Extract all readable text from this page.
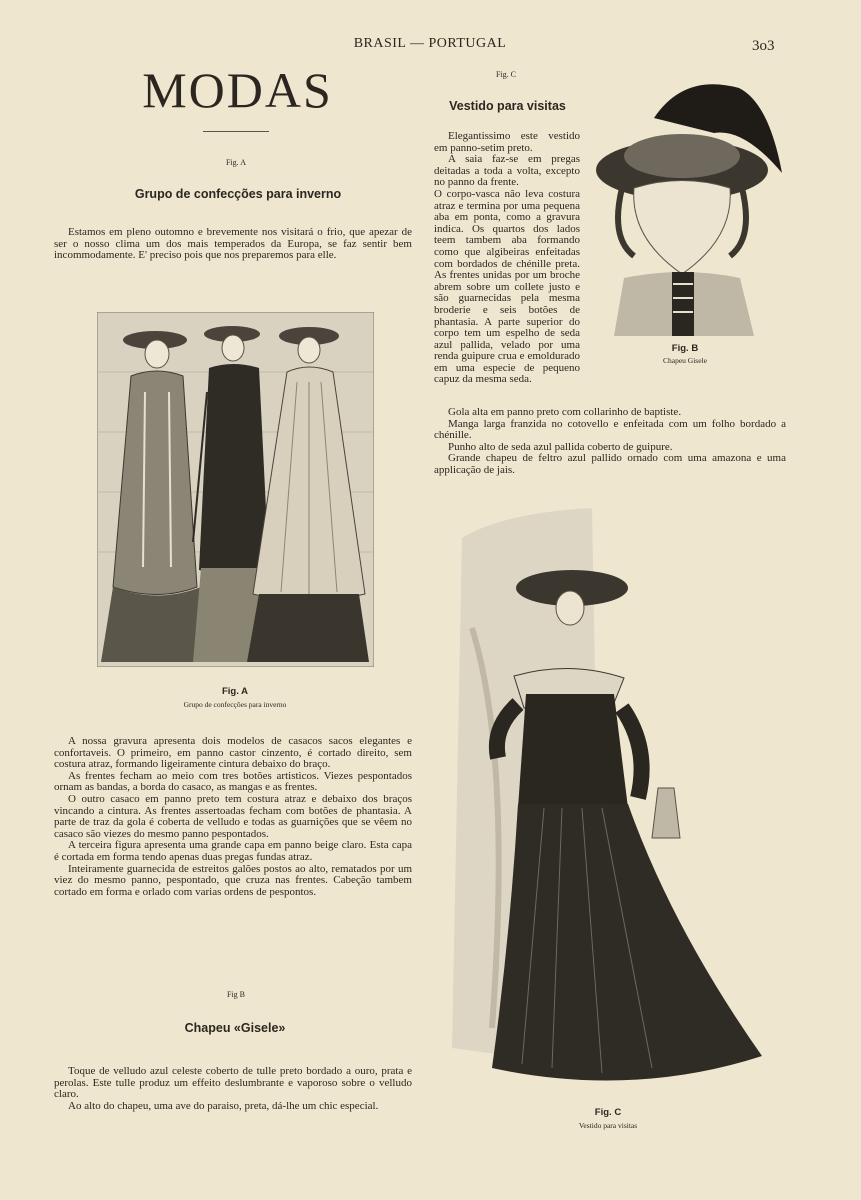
BRASIL — PORTUGAL	3o3
MODAS
Fig. A
Grupo de confecções para inverno

Estamos em pleno outomno e brevemente nos visitará o frio, que apezar de ser o nosso clima um dos mais temperados da Europa, se faz sentir bem incommodamente. E' preciso pois que nos preparemos para elle.

Fig. A
Grupo de confecções para inverno

A nossa gravura apresenta dois modelos de casacos sacos elegantes e confortaveis. O primeiro, em panno castor cinzento, é cortado direito, sem costura atraz, formando ligeiramente cintura debaixo do braço.

As frentes fecham ao meio com tres botões artisticos. Viezes pespontados ornam as bandas, a borda do casaco, as mangas e as frentes.

O outro casaco em panno preto tem costura atraz e debaixo dos braços vincando a cintura. As frentes assertoadas fecham com botões de phantasia. A parte de traz da gola é coberta de velludo e todas as guarnições que se vêem no casaco são viezes do mesmo panno pespontados.

A terceira figura apresenta uma grande capa em panno beige claro. Esta capa é cortada em forma tendo apenas duas pregas fundas atraz.

Inteiramente guarnecida de estreitos galões postos ao alto, rematados por um viez do mesmo panno, pespontado, que cruza nas frentes. Cabeção tambem cortado em forma e orlado com varias ordens de pespontos.

Fig B
Chapeu «Gisele»

Toque de velludo azul celeste coberto de tulle preto bordado a ouro, prata e perolas. Este tulle produz um effeito deslumbrante e vaporoso sobre o velludo claro.

Ao alto do chapeu, uma ave do paraiso, preta, dá-lhe um chic especial.

Fig. C
Vestido para visitas
Fig. B
Chapeu Gisele

Elegantissimo este vestido em panno-setim preto.

A saia faz-se em pregas deitadas a toda a volta, excepto no panno da frente.

O corpo-vasca não leva costura atraz e termina por uma pequena aba em ponta, como a gravura indica. Os quartos dos lados teem tambem aba formando como que algibeiras enfeitadas com bordados de chénille preta. As frentes unidas por um broche abrem sobre um collete justo e são guarnecidas pela mesma broderie e seis botões de phantasia. A parte superior do corpo tem um espelho de seda azul pallida, velado por uma renda guipure crua e emoldurado em uma especie de pequeno capuz da mesma seda.

Gola alta em panno preto com collarinho de baptiste.

Manga larga franzida no cotovello e enfeitada com um folho bordado a chénille.

Punho alto de seda azul pallida coberto de guipure.

Grande chapeu de feltro azul pallido ornado com uma amazona e uma applicação de jais.

Fig. C
Vestido para visitas
